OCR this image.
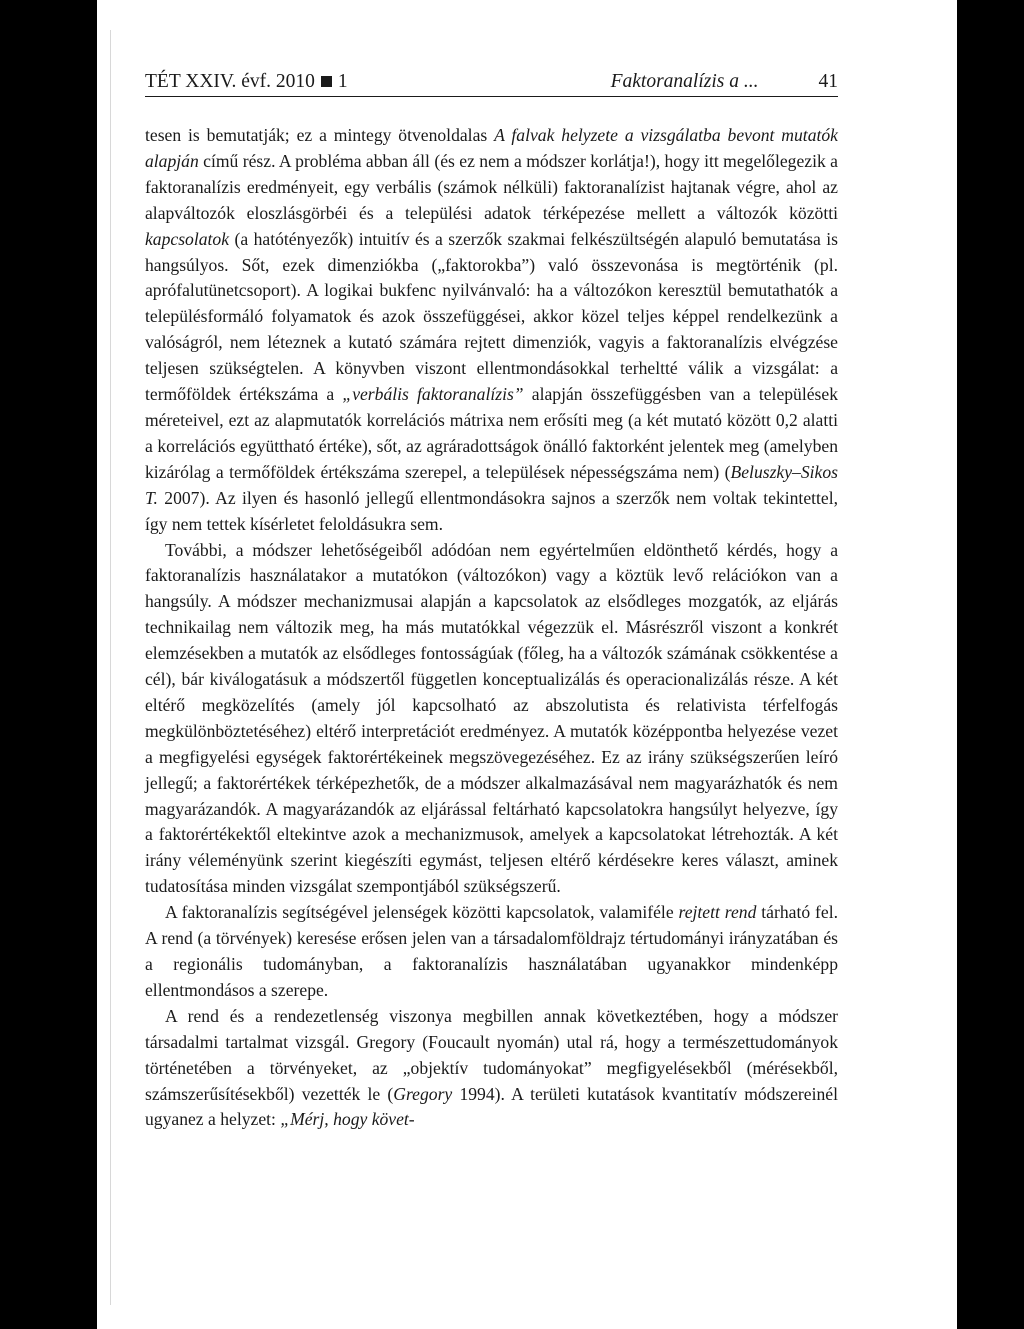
TÉT XXIV. évf. 2010 1	Faktoranalízis a ...	41

tesen is bemutatják; ez a mintegy ötvenoldalas A falvak helyzete a vizsgálatba bevont mutatók alapján című rész. A probléma abban áll (és ez nem a módszer korlátja!), hogy itt megelőlegezik a faktoranalízis eredményeit, egy verbális (számok nélküli) faktoranalízist hajtanak végre, ahol az alapváltozók eloszlásgörbéi és a települési adatok térképezése mellett a változók közötti kapcsolatok (a hatótényezők) intuitív és a szerzők szakmai felkészültségén alapuló bemutatása is hangsúlyos. Sőt, ezek dimenziókba („faktorokba”) való összevonása is megtörténik (pl. aprófalutünetcsoport). A logikai bukfenc nyilvánvaló: ha a változókon keresztül bemutathatók a településformáló folyamatok és azok összefüggései, akkor közel teljes képpel rendelkezünk a valóságról, nem léteznek a kutató számára rejtett dimenziók, vagyis a faktoranalízis elvégzése teljesen szükségtelen. A könyvben viszont ellentmondásokkal terheltté válik a vizsgálat: a termőföldek értékszáma a „verbális faktoranalízis” alapján összefüggésben van a települések méreteivel, ezt az alapmutatók korrelációs mátrixa nem erősíti meg (a két mutató között 0,2 alatti a korrelációs együttható értéke), sőt, az agráradottságok önálló faktorként jelentek meg (amelyben kizárólag a termőföldek értékszáma szerepel, a települések népességszáma nem) (Beluszky–Sikos T. 2007). Az ilyen és hasonló jellegű ellentmondásokra sajnos a szerzők nem voltak tekintettel, így nem tettek kísérletet feloldásukra sem.

További, a módszer lehetőségeiből adódóan nem egyértelműen eldönthető kérdés, hogy a faktoranalízis használatakor a mutatókon (változókon) vagy a köztük levő relációkon van a hangsúly. A módszer mechanizmusai alapján a kapcsolatok az elsődleges mozgatók, az eljárás technikailag nem változik meg, ha más mutatókkal végezzük el. Másrészről viszont a konkrét elemzésekben a mutatók az elsődleges fontosságúak (főleg, ha a változók számának csökkentése a cél), bár kiválogatásuk a módszertől független konceptualizálás és operacionalizálás része. A két eltérő megközelítés (amely jól kapcsolható az abszolutista és relativista térfelfogás megkülönböztetéséhez) eltérő interpretációt eredményez. A mutatók középpontba helyezése vezet a megfigyelési egységek faktorértékeinek megszövegezéséhez. Ez az irány szükségszerűen leíró jellegű; a faktorértékek térképezhetők, de a módszer alkalmazásával nem magyarázhatók és nem magyarázandók. A magyarázandók az eljárással feltárható kapcsolatokra hangsúlyt helyezve, így a faktorértékektől eltekintve azok a mechanizmusok, amelyek a kapcsolatokat létrehozták. A két irány véleményünk szerint kiegészíti egymást, teljesen eltérő kérdésekre keres választ, aminek tudatosítása minden vizsgálat szempontjából szükségszerű.

A faktoranalízis segítségével jelenségek közötti kapcsolatok, valamiféle rejtett rend tárható fel. A rend (a törvények) keresése erősen jelen van a társadalomföldrajz tértudományi irányzatában és a regionális tudományban, a faktoranalízis használatában ugyanakkor mindenképp ellentmondásos a szerepe.

A rend és a rendezetlenség viszonya megbillen annak következtében, hogy a módszer társadalmi tartalmat vizsgál. Gregory (Foucault nyomán) utal rá, hogy a természettudományok történetében a törvényeket, az „objektív tudományokat” megfigyelésekből (mérésekből, számszerűsítésekből) vezették le (Gregory 1994). A területi kutatások kvantitatív módszereinél ugyanez a helyzet: „Mérj, hogy követ-
